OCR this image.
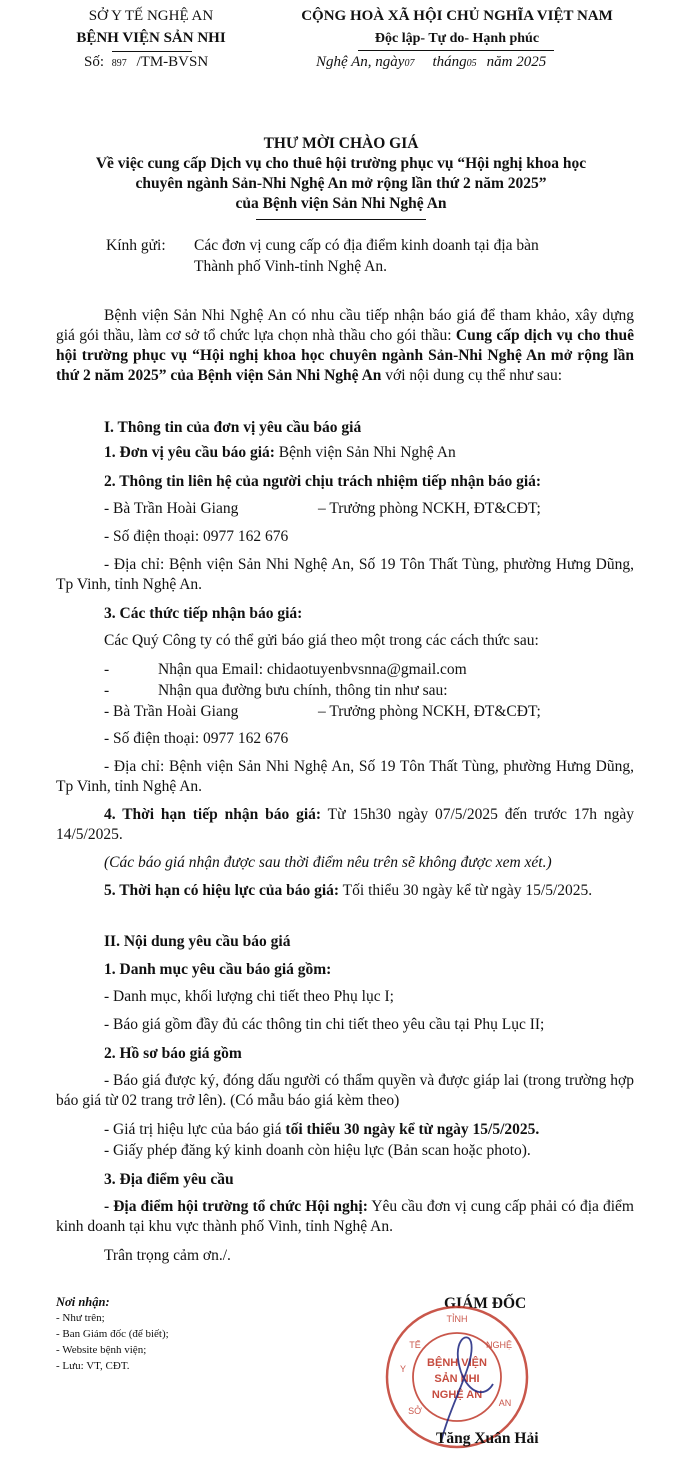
SỞ Y TẾ NGHỆ AN
BỆNH VIỆN SẢN NHI
Số: 897 /TM-BVSN
CỘNG HOÀ XÃ HỘI CHỦ NGHĨA VIỆT NAM
Độc lập- Tự do- Hạnh phúc
Nghệ An, ngày07 tháng05 năm 2025
THƯ MỜI CHÀO GIÁ
Về việc cung cấp Dịch vụ cho thuê hội trường phục vụ “Hội nghị khoa học
chuyên ngành Sản-Nhi Nghệ An mở rộng lần thứ 2 năm 2025”
của Bệnh viện Sản Nhi Nghệ An
Kính gửi: Các đơn vị cung cấp có địa điểm kinh doanh tại địa bàn
Thành phố Vinh-tỉnh Nghệ An.
Bệnh viện Sản Nhi Nghệ An có nhu cầu tiếp nhận báo giá để tham khảo, xây dựng giá gói thầu, làm cơ sở tổ chức lựa chọn nhà thầu cho gói thầu: Cung cấp dịch vụ cho thuê hội trường phục vụ “Hội nghị khoa học chuyên ngành Sản-Nhi Nghệ An mở rộng lần thứ 2 năm 2025” của Bệnh viện Sản Nhi Nghệ An với nội dung cụ thể như sau:
I. Thông tin của đơn vị yêu cầu báo giá
1. Đơn vị yêu cầu báo giá: Bệnh viện Sản Nhi Nghệ An
2. Thông tin liên hệ của người chịu trách nhiệm tiếp nhận báo giá:
- Bà Trần Hoài Giang	– Trưởng phòng NCKH, ĐT&CĐT;
- Số điện thoại: 0977 162 676
- Địa chỉ: Bệnh viện Sản Nhi Nghệ An, Số 19 Tôn Thất Tùng, phường Hưng Dũng, Tp Vinh, tỉnh Nghệ An.
3. Các thức tiếp nhận báo giá:
Các Quý Công ty có thể gửi báo giá theo một trong các cách thức sau:
-	Nhận qua Email: chidaotuyenbvsnna@gmail.com
-	Nhận qua đường bưu chính, thông tin như sau:
- Bà Trần Hoài Giang	– Trưởng phòng NCKH, ĐT&CĐT;
- Số điện thoại: 0977 162 676
- Địa chỉ: Bệnh viện Sản Nhi Nghệ An, Số 19 Tôn Thất Tùng, phường Hưng Dũng, Tp Vinh, tỉnh Nghệ An.
4. Thời hạn tiếp nhận báo giá: Từ 15h30 ngày 07/5/2025 đến trước 17h ngày 14/5/2025.
(Các báo giá nhận được sau thời điểm nêu trên sẽ không được xem xét.)
5. Thời hạn có hiệu lực của báo giá: Tối thiểu 30 ngày kể từ ngày 15/5/2025.
II. Nội dung yêu cầu báo giá
1. Danh mục yêu cầu báo giá gồm:
- Danh mục, khối lượng chi tiết theo Phụ lục I;
- Báo giá gồm đầy đủ các thông tin chi tiết theo yêu cầu tại Phụ Lục II;
2. Hồ sơ báo giá gồm
- Báo giá được ký, đóng dấu người có thẩm quyền và được giáp lai (trong trường hợp báo giá từ 02 trang trở lên). (Có mẫu báo giá kèm theo)
- Giá trị hiệu lực của báo giá tối thiểu 30 ngày kể từ ngày 15/5/2025.
- Giấy phép đăng ký kinh doanh còn hiệu lực (Bản scan hoặc photo).
3. Địa điểm yêu cầu
- Địa điểm hội trường tổ chức Hội nghị: Yêu cầu đơn vị cung cấp phải có địa điểm kinh doanh tại khu vực thành phố Vinh, tỉnh Nghệ An.
Trân trọng cảm ơn./.
Nơi nhận:
- Như trên;
- Ban Giám đốc (để biết);
- Website bệnh viện;
- Lưu: VT, CĐT.
GIÁM ĐỐC
TỈNH
Y
TẾ	NGHỆ
AN
SỞ
BỆNH VIỆN
SẢN NHI
NGHỆ AN
Tăng Xuân Hải
